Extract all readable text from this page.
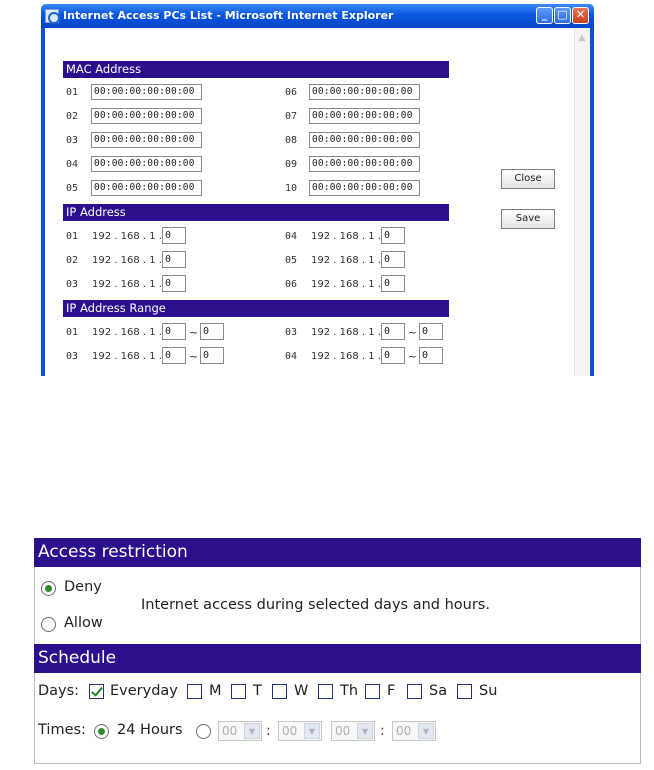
Internet Access PCs List - Microsoft Internet Explorer	_ □ ✕
▲
MAC Address
01	00:00:00:00:00:00
02	00:00:00:00:00:00
03	00:00:00:00:00:00
04	00:00:00:00:00:00
05	00:00:00:00:00:00
06	00:00:00:00:00:00
07	00:00:00:00:00:00
08	00:00:00:00:00:00
09	00:00:00:00:00:00
10	00:00:00:00:00:00
IP Address
01 192 . 168 . 1 . 0
02 192 . 168 . 1 . 0
03 192 . 168 . 1 . 0
04 192 . 168 . 1 . 0
05 192 . 168 . 1 . 0
06 192 . 168 . 1 . 0
IP Address Range
01 192 . 168 . 1 . 0	~ 0
03 192 . 168 . 1 . 0	~ 0
03 192 . 168 . 1 . 0	~ 0
04 192 . 168 . 1 . 0	~ 0
Close
Save
Access restriction
Deny
Allow
Internet access during selected days and hours.
Schedule
Days: Everyday M T W Th F Sa Su
Times: 24 Hours	00	▼ : 00	▼	00	▼ : 00	▼
